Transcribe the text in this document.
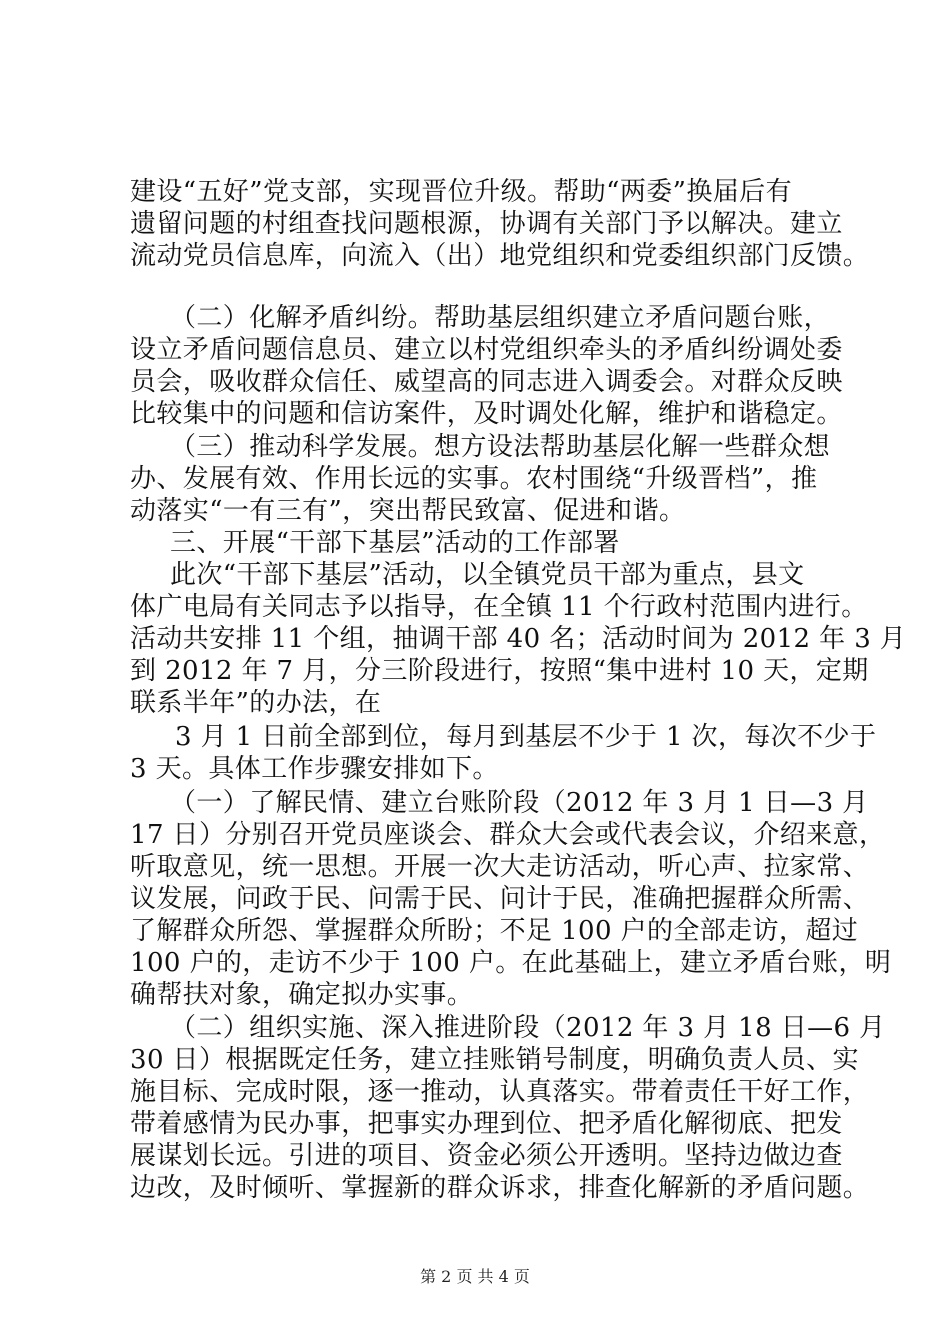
建设“五好”党支部，实现晋位升级。帮助“两委”换届后有
遗留问题的村组查找问题根源，协调有关部门予以解决。建立
流动党员信息库，向流入（出）地党组织和党委组织部门反馈。
（二）化解矛盾纠纷。帮助基层组织建立矛盾问题台账，
设立矛盾问题信息员、建立以村党组织牵头的矛盾纠纷调处委
员会，吸收群众信任、威望高的同志进入调委会。对群众反映
比较集中的问题和信访案件，及时调处化解，维护和谐稳定。
（三）推动科学发展。想方设法帮助基层化解一些群众想
办、发展有效、作用长远的实事。农村围绕“升级晋档”，推
动落实“一有三有”，突出帮民致富、促进和谐。
三、开展“干部下基层”活动的工作部署
此次“干部下基层”活动，以全镇党员干部为重点，县文
体广电局有关同志予以指导，在全镇 11 个行政村范围内进行。
活动共安排 11 个组，抽调干部 40 名；活动时间为 2012 年 3 月
到 2012 年 7 月，分三阶段进行，按照“集中进村 10 天，定期
联系半年”的办法，在
3 月 1 日前全部到位，每月到基层不少于 1 次，每次不少于
3 天。具体工作步骤安排如下。
（一）了解民情、建立台账阶段（2012 年 3 月 1 日—3 月
17 日）分别召开党员座谈会、群众大会或代表会议，介绍来意，
听取意见，统一思想。开展一次大走访活动，听心声、拉家常、
议发展，问政于民、问需于民、问计于民，准确把握群众所需、
了解群众所怨、掌握群众所盼；不足 100 户的全部走访，超过
100 户的，走访不少于 100 户。在此基础上，建立矛盾台账，明
确帮扶对象，确定拟办实事。
（二）组织实施、深入推进阶段（2012 年 3 月 18 日—6 月
30 日）根据既定任务，建立挂账销号制度，明确负责人员、实
施目标、完成时限，逐一推动，认真落实。带着责任干好工作，
带着感情为民办事，把事实办理到位、把矛盾化解彻底、把发
展谋划长远。引进的项目、资金必须公开透明。坚持边做边查
边改，及时倾听、掌握新的群众诉求，排查化解新的矛盾问题。
第 2 页 共 4 页
